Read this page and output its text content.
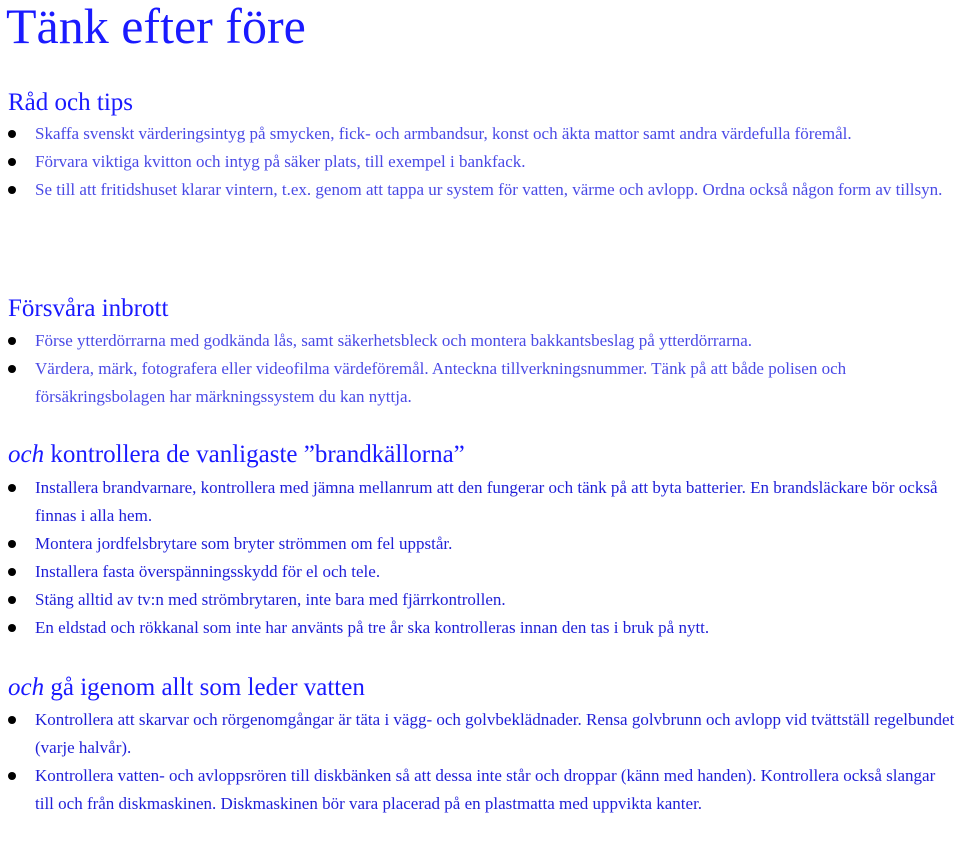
Tänk efter före
Råd och tips
Skaffa svenskt värderingsintyg på smycken, fick- och armbandsur, konst och äkta mattor samt andra värdefulla föremål.
Förvara viktiga kvitton och intyg på säker plats, till exempel i bankfack.
Se till att fritidshuset klarar vintern, t.ex. genom att tappa ur system för vatten, värme och avlopp. Ordna också någon form av tillsyn.
Försvåra inbrott
Förse ytterdörrarna med godkända lås, samt säkerhetsbleck och montera bakkantsbeslag på ytterdörrarna.
Värdera, märk, fotografera eller videofilma värdeföremål. Anteckna tillverkningsnummer. Tänk på att både polisen och försäkringsbolagen har märkningssystem du kan nyttja.
och kontrollera de vanligaste ”brandkällorna”
Installera brandvarnare, kontrollera med jämna mellanrum att den fungerar och tänk på att byta batterier. En brandsläckare bör också finnas i alla hem.
Montera jordfelsbrytare som bryter strömmen om fel uppstår.
Installera fasta överspänningsskydd för el och tele.
Stäng alltid av tv:n med strömbrytaren, inte bara med fjärrkontrollen.
En eldstad och rökkanal som inte har använts på tre år ska kontrolleras innan den tas i bruk på nytt.
och gå igenom allt som leder vatten
Kontrollera att skarvar och rörgenomgångar är täta i vägg- och golvbeklädnader. Rensa golvbrunn och avlopp vid tvättställ regelbundet (varje halvår).
Kontrollera vatten- och avloppsrören till diskbänken så att dessa inte står och droppar (känn med handen). Kontrollera också slangar till och från diskmaskinen. Diskmaskinen bör vara placerad på en plastmatta med uppvikta kanter.
